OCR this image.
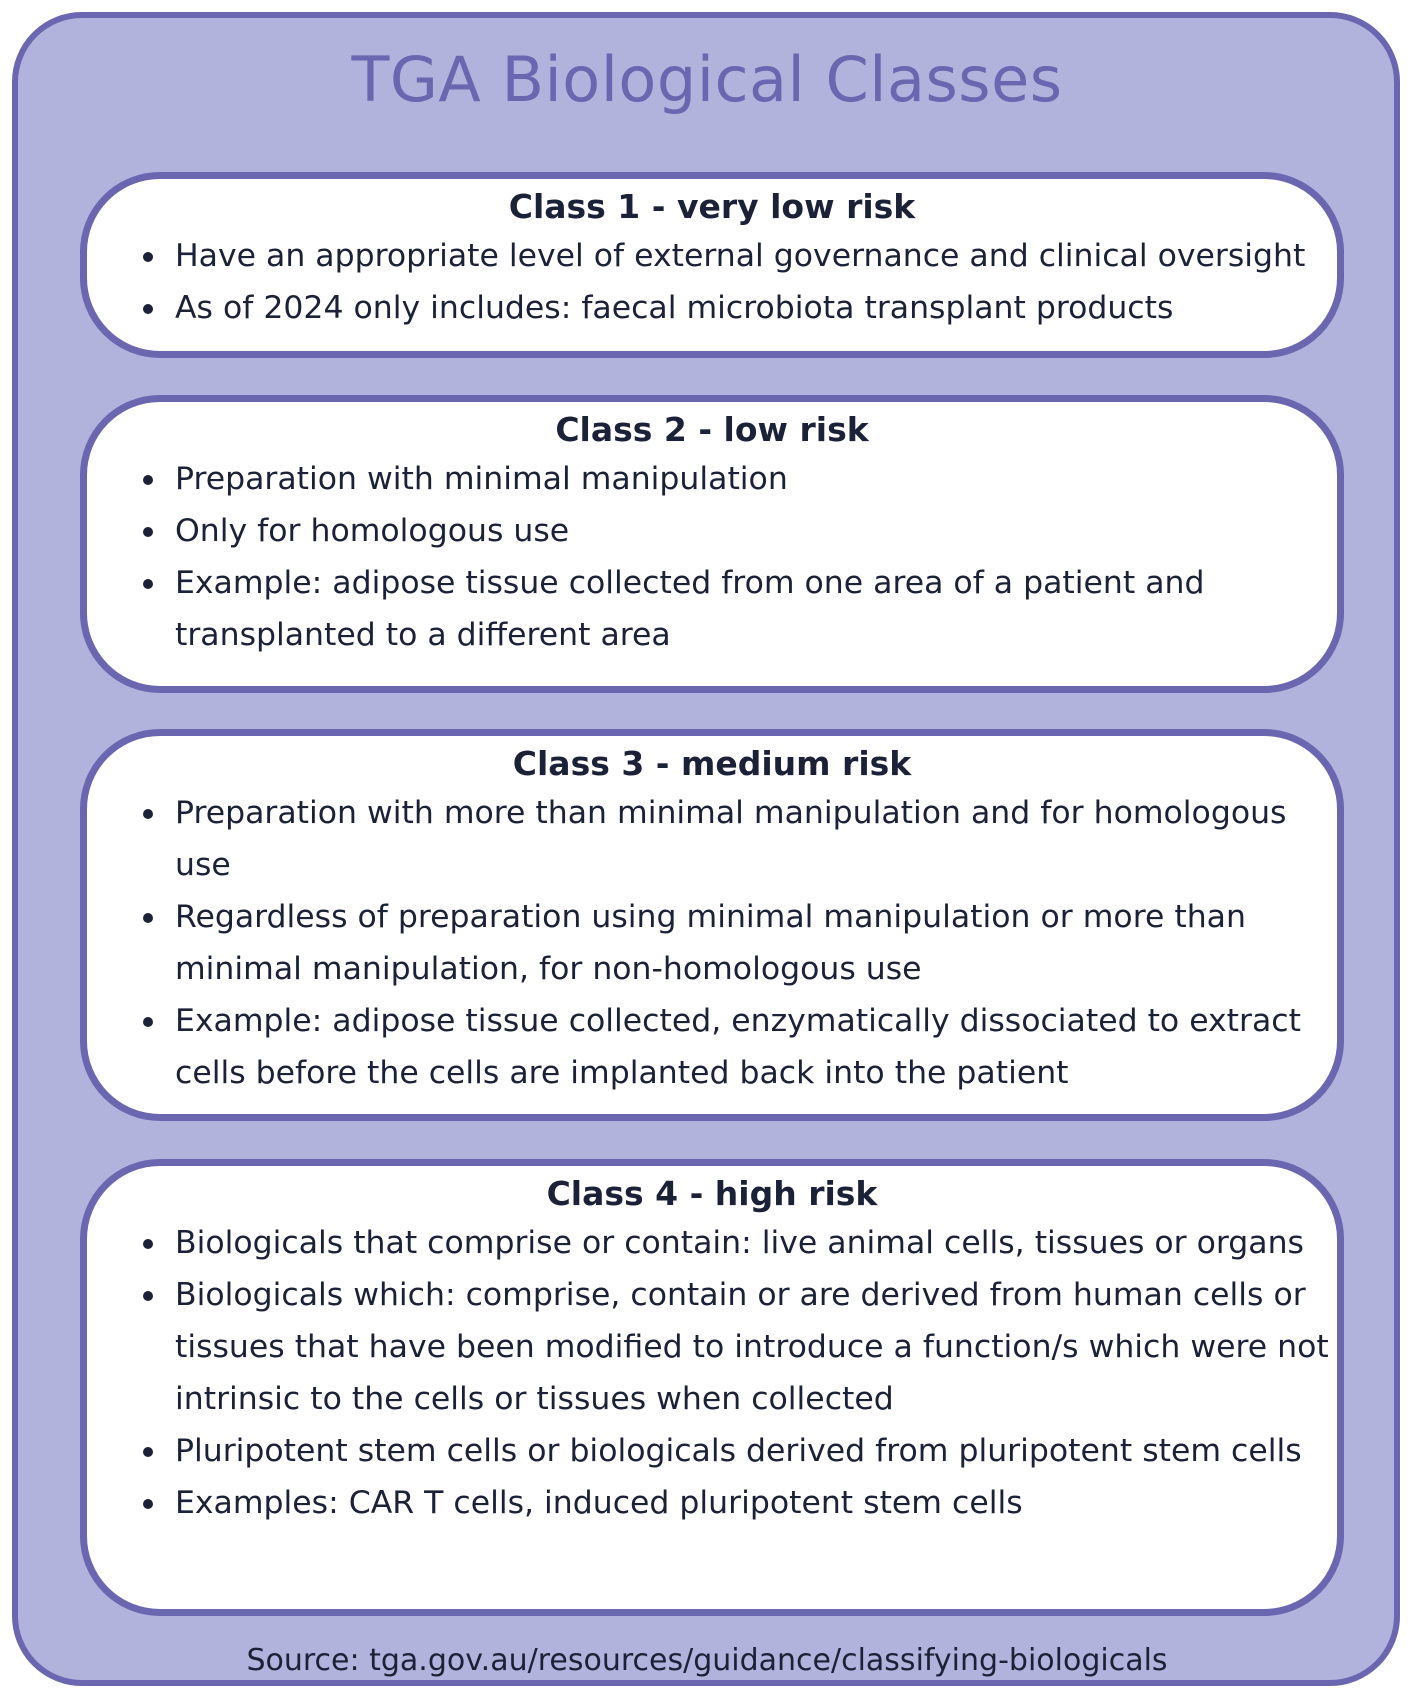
TGA Biological Classes
Class 1 - very low risk
Have an appropriate level of external governance and clinical oversight
As of 2024 only includes: faecal microbiota transplant products
Class 2 - low risk
Preparation with minimal manipulation
Only for homologous use
Example: adipose tissue collected from one area of a patient and transplanted to a different area
Class 3 - medium risk
Preparation with more than minimal manipulation and for homologous use
Regardless of preparation using minimal manipulation or more than minimal manipulation, for non-homologous use
Example: adipose tissue collected, enzymatically dissociated to extract cells before the cells are implanted back into the patient
Class 4 - high risk
Biologicals that comprise or contain: live animal cells, tissues or organs
Biologicals which: comprise, contain or are derived from human cells or tissues that have been modified to introduce a function/s which were not intrinsic to the cells or tissues when collected
Pluripotent stem cells or biologicals derived from pluripotent stem cells
Examples: CAR T cells, induced pluripotent stem cells
Source: tga.gov.au/resources/guidance/classifying-biologicals
